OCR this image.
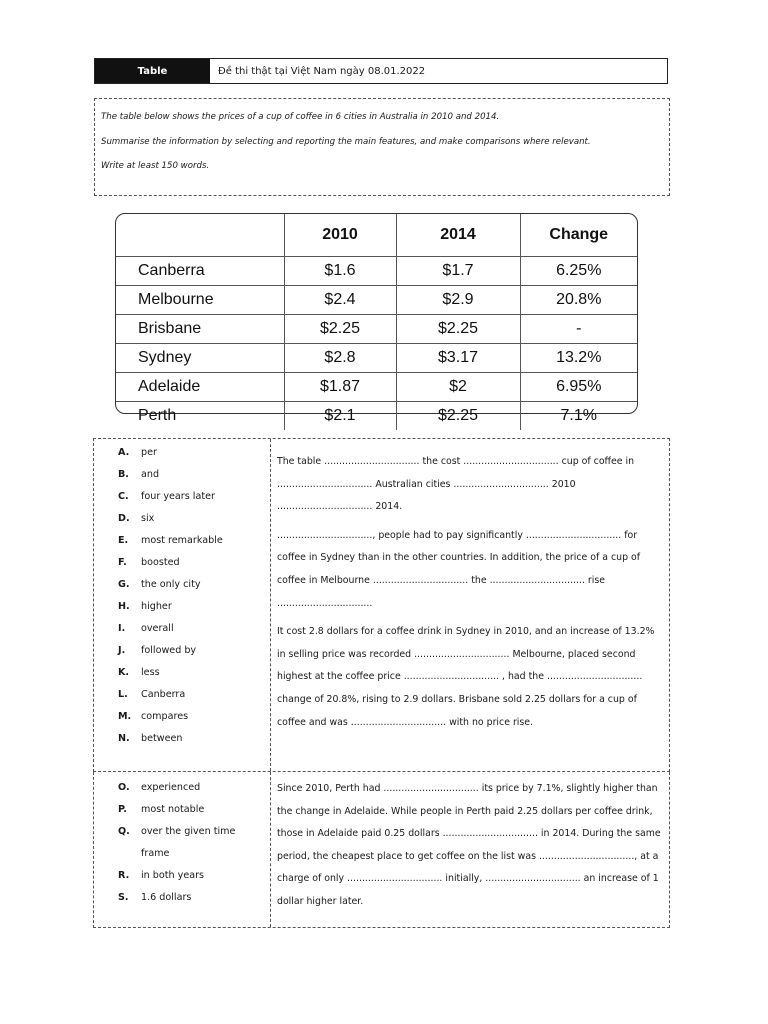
Table	Đề thi thật tại Việt Nam ngày 08.01.2022

The table below shows the prices of a cup of coffee in 6 cities in Australia in 2010 and 2014.

Summarise the information by selecting and reporting the main features, and make comparisons where relevant.

Write at least 150 words.

	2010	2014	Change
Canberra	$1.6	$1.7	6.25%
Melbourne	$2.4	$2.9	20.8%
Brisbane	$2.25	$2.25	-
Sydney	$2.8	$3.17	13.2%
Adelaide	$1.87	$2	6.95%
Perth	$2.1	$2.25	7.1%
A.	per
B.	and
C.	four years later
D.	six
E.	most remarkable
F.	boosted
G.	the only city
H.	higher
I.	overall
J.	followed by
K.	less
L.	Canberra
M.	compares
N.	between

The table ................................ the cost ................................ cup of coffee in ................................ Australian cities ................................ 2010 ................................ 2014.

................................, people had to pay significantly ................................ for coffee in Sydney than in the other countries. In addition, the price of a cup of coffee in Melbourne ................................ the ................................ rise ................................

It cost 2.8 dollars for a coffee drink in Sydney in 2010, and an increase of 13.2% in selling price was recorded ................................ Melbourne, placed second highest at the coffee price ................................ , had the ................................ change of 20.8%, rising to 2.9 dollars. Brisbane sold 2.25 dollars for a cup of coffee and was ................................ with no price rise.

O.	experienced
P.	most notable
Q.	over the given time
frame
R.	in both years
S.	1.6 dollars

Since 2010, Perth had ................................ its price by 7.1%, slightly higher than the change in Adelaide. While people in Perth paid 2.25 dollars per coffee drink, those in Adelaide paid 0.25 dollars ................................ in 2014. During the same period, the cheapest place to get coffee on the list was ................................, at a charge of only ................................ initially, ................................ an increase of 1 dollar higher later.
